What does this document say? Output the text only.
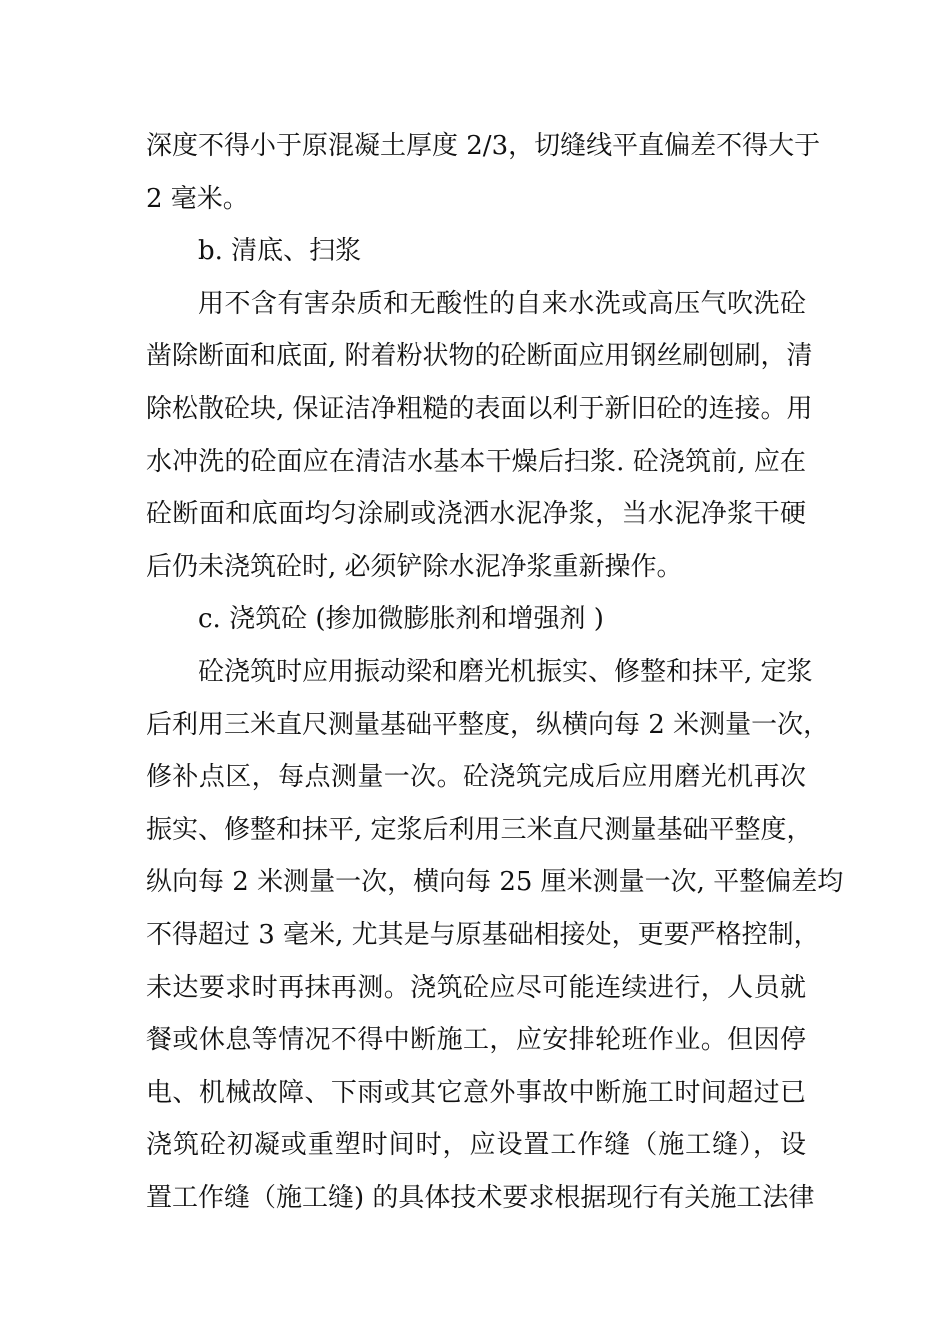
深度不得小于原混凝土厚度 2/3，切缝线平直偏差不得大于
2 毫米。
b. 清底、扫浆
用不含有害杂质和无酸性的自来水洗或高压气吹洗砼
凿除断面和底面, 附着粉状物的砼断面应用钢丝刷刨刷，清
除松散砼块, 保证洁净粗糙的表面以利于新旧砼的连接。用
水冲洗的砼面应在清洁水基本干燥后扫浆. 砼浇筑前, 应在
砼断面和底面均匀涂刷或浇洒水泥净浆，当水泥净浆干硬
后仍未浇筑砼时, 必须铲除水泥净浆重新操作。
c. 浇筑砼 (掺加微膨胀剂和增强剂 )
砼浇筑时应用振动梁和磨光机振实、修整和抹平, 定浆
后利用三米直尺测量基础平整度，纵横向每 2 米测量一次，
修补点区，每点测量一次。砼浇筑完成后应用磨光机再次
振实、修整和抹平, 定浆后利用三米直尺测量基础平整度，
纵向每 2 米测量一次，横向每 25 厘米测量一次, 平整偏差均
不得超过 3 毫米, 尤其是与原基础相接处，更要严格控制，
未达要求时再抹再测。浇筑砼应尽可能连续进行，人员就
餐或休息等情况不得中断施工，应安排轮班作业。但因停
电、机械故障、下雨或其它意外事故中断施工时间超过已
浇筑砼初凝或重塑时间时，应设置工作缝（施工缝），设
置工作缝（施工缝) 的具体技术要求根据现行有关施工法律
